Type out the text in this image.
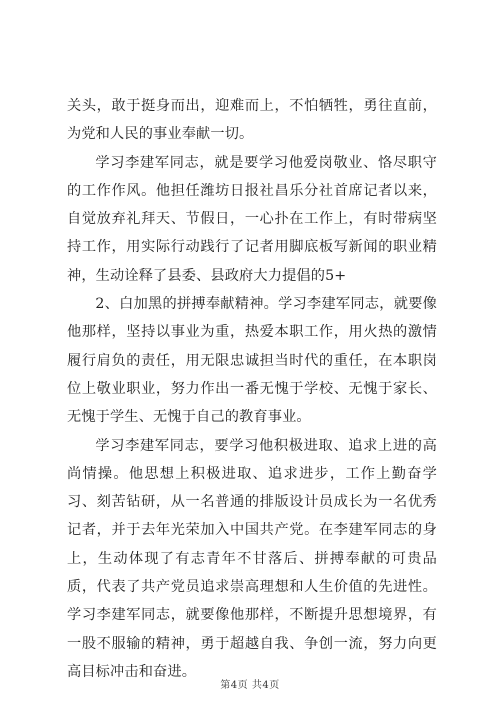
关头，敢于挺身而出，迎难而上，不怕牺牲，勇往直前，为党和人民的事业奉献一切。

学习李建军同志，就是要学习他爱岗敬业、恪尽职守的工作作风。他担任潍坊日报社昌乐分社首席记者以来，自觉放弃礼拜天、节假日，一心扑在工作上，有时带病坚持工作，用实际行动践行了记者用脚底板写新闻的职业精神，生动诠释了县委、县政府大力提倡的5+

2、白加黑的拼搏奉献精神。学习李建军同志，就要像他那样，坚持以事业为重，热爱本职工作，用火热的激情履行肩负的责任，用无限忠诚担当时代的重任，在本职岗位上敬业职业，努力作出一番无愧于学校、无愧于家长、无愧于学生、无愧于自己的教育事业。

学习李建军同志，要学习他积极进取、追求上进的高尚情操。他思想上积极进取、追求进步，工作上勤奋学习、刻苦钻研，从一名普通的排版设计员成长为一名优秀记者，并于去年光荣加入中国共产党。在李建军同志的身上，生动体现了有志青年不甘落后、拼搏奉献的可贵品质，代表了共产党员追求崇高理想和人生价值的先进性。学习李建军同志，就要像他那样，不断提升思想境界，有一股不服输的精神，勇于超越自我、争创一流，努力向更高目标冲击和奋进。

第4页 共4页
